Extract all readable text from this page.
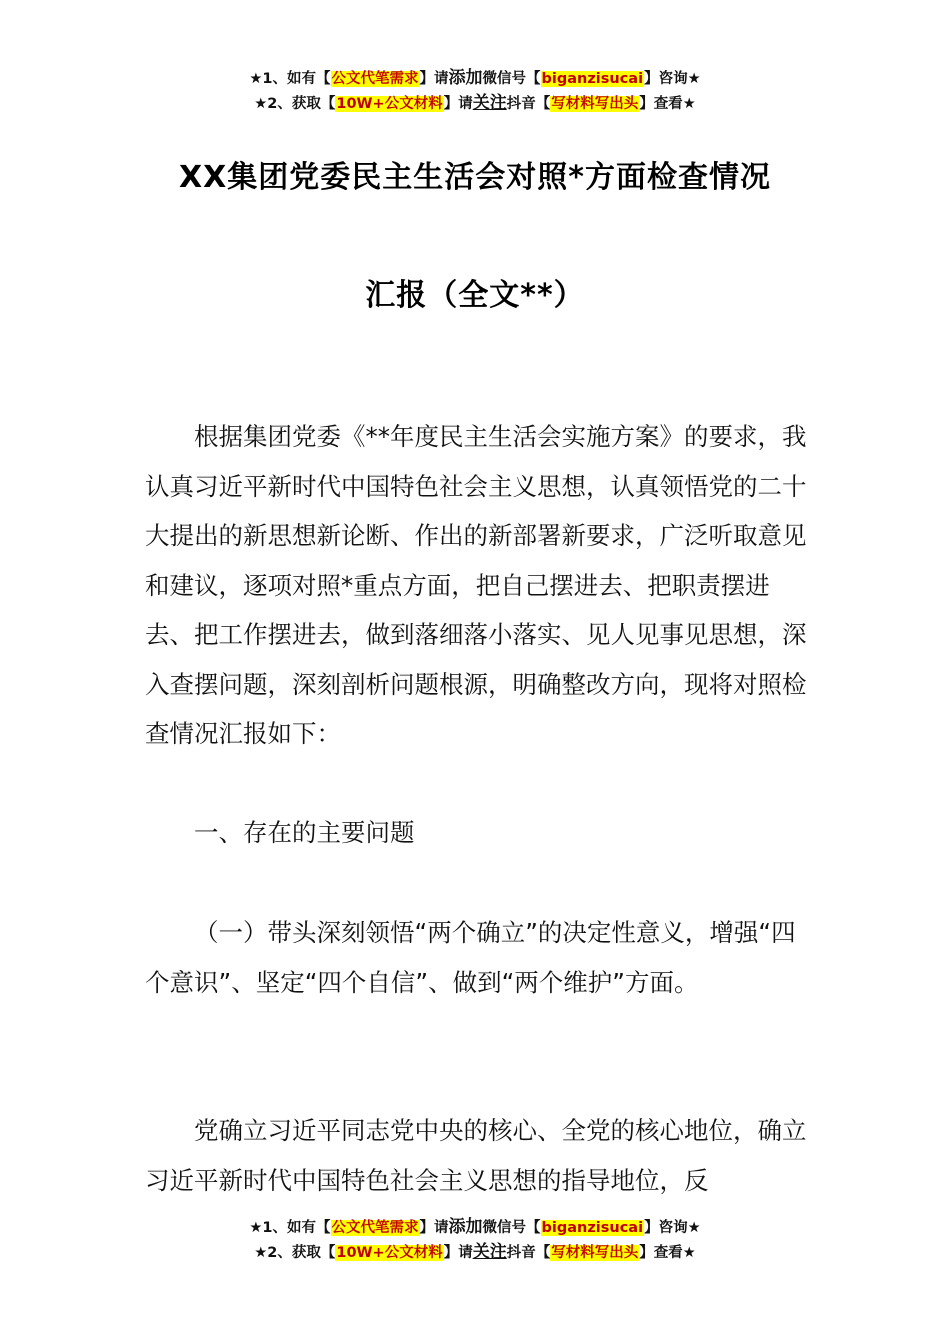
★1、如有【公文代笔需求】请添加微信号【biganzisucai】咨询★
★2、获取【10W+公文材料】请关注抖音【写材料写出头】查看★
XX集团党委民主生活会对照*方面检查情况
汇报（全文**）

根据集团党委《**年度民主生活会实施方案》的要求，我认真习近平新时代中国特色社会主义思想，认真领悟党的二十大提出的新思想新论断、作出的新部署新要求，广泛听取意见和建议，逐项对照*重点方面，把自己摆进去、把职责摆进去、把工作摆进去，做到落细落小落实、见人见事见思想，深入查摆问题，深刻剖析问题根源，明确整改方向，现将对照检查情况汇报如下：

一、存在的主要问题

（一）带头深刻领悟“两个确立”的决定性意义，增强“四个意识”、坚定“四个自信”、做到“两个维护”方面。

党确立习近平同志党中央的核心、全党的核心地位，确立习近平新时代中国特色社会主义思想的指导地位，反

★1、如有【公文代笔需求】请添加微信号【biganzisucai】咨询★
★2、获取【10W+公文材料】请关注抖音【写材料写出头】查看★
